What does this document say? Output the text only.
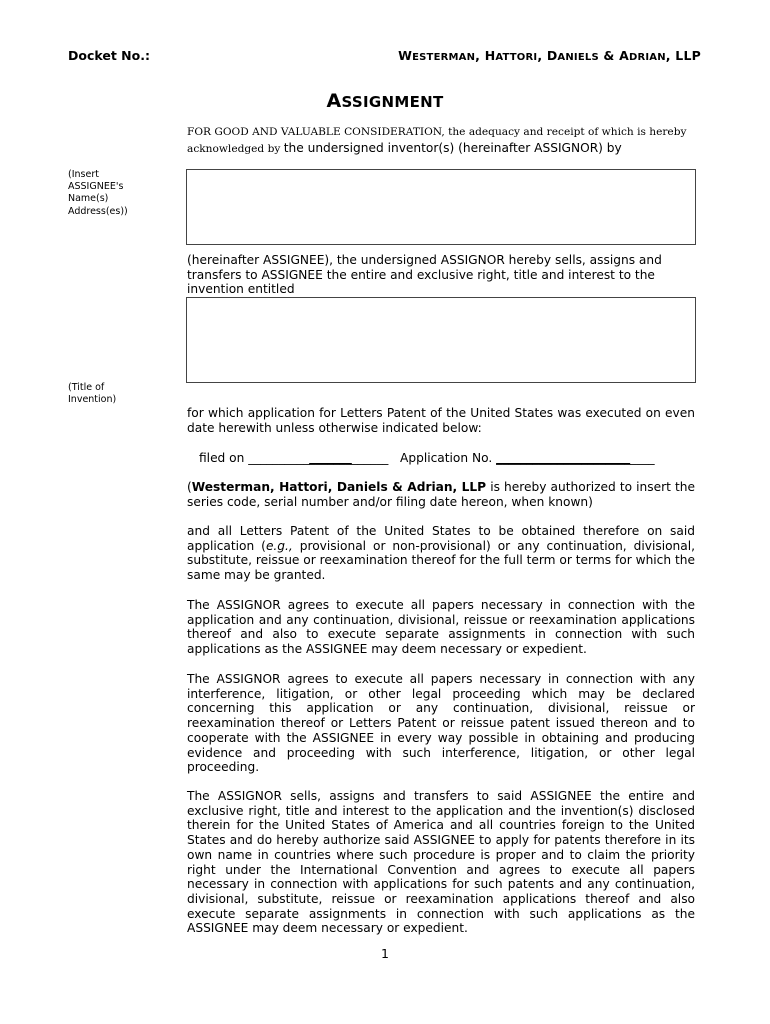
Docket No.:	WESTERMAN, HATTORI, DANIELS & ADRIAN, LLP
ASSIGNMENT
FOR GOOD AND VALUABLE CONSIDERATION, the adequacy and receipt of which is hereby
acknowledged by the undersigned inventor(s) (hereinafter ASSIGNOR) by
(Insert
ASSIGNEE's
Name(s)
Address(es))
(hereinafter ASSIGNEE), the undersigned ASSIGNOR hereby sells, assigns and transfers to ASSIGNEE the entire and exclusive right, title and interest to the invention entitled
(Title of
Invention)
for which application for Letters Patent of the United States was executed on even date herewith unless otherwise indicated below:
filed on _______________________   Application No. __________________________
(Westerman, Hattori, Daniels & Adrian, LLP is hereby authorized to insert the series code, serial number and/or filing date hereon, when known)
and all Letters Patent of the United States to be obtained therefore on said application (e.g., provisional or non-provisional) or any continuation, divisional, substitute, reissue or reexamination thereof for the full term or terms for which the same may be granted.
The ASSIGNOR agrees to execute all papers necessary in connection with the application and any continuation, divisional, reissue or reexamination applications thereof and also to execute separate assignments in connection with such applications as the ASSIGNEE may deem necessary or expedient.
The ASSIGNOR agrees to execute all papers necessary in connection with any interference, litigation, or other legal proceeding which may be declared concerning this application or any continuation, divisional, reissue or reexamination thereof or Letters Patent or reissue patent issued thereon and to cooperate with the ASSIGNEE in every way possible in obtaining and producing evidence and proceeding with such interference, litigation, or other legal proceeding.
The ASSIGNOR sells, assigns and transfers to said ASSIGNEE the entire and exclusive right, title and interest to the application and the invention(s) disclosed therein for the United States of America and all countries foreign to the United States and do hereby authorize said ASSIGNEE to apply for patents therefore in its own name in countries where such procedure is proper and to claim the priority right under the International Convention and agrees to execute all papers necessary in connection with applications for such patents and any continuation, divisional, substitute, reissue or reexamination applications thereof and also execute separate assignments in connection with such applications as the ASSIGNEE may deem necessary or expedient.
1
